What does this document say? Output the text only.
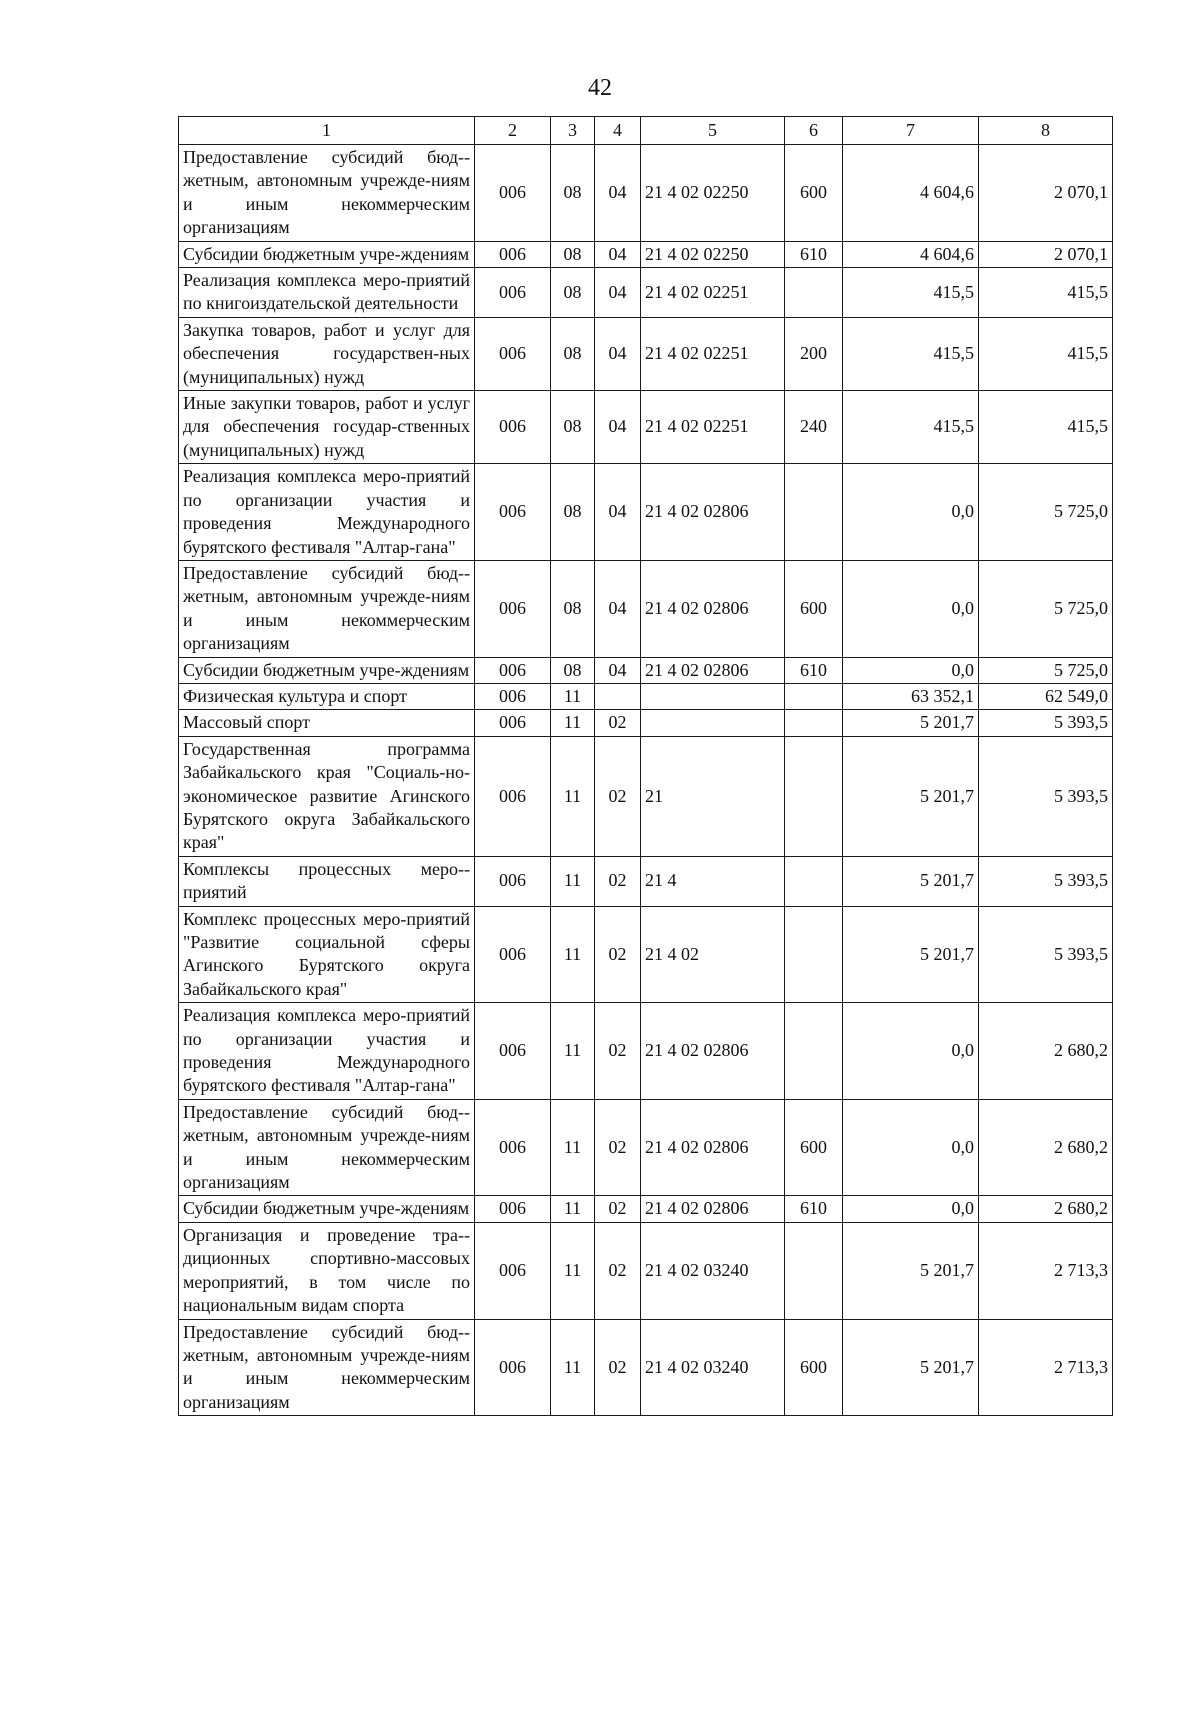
42
1	2	3	4	5	6	7	8
Предоставление субсидий бюд-жетным, автономным учрежде-ниям и иным некоммерческим организациям	006	08	04	21 4 02 02250	600	4 604,6	2 070,1
Субсидии бюджетным учре-ждениям	006	08	04	21 4 02 02250	610	4 604,6	2 070,1
Реализация комплекса меро-приятий по книгоиздательской деятельности	006	08	04	21 4 02 02251		415,5	415,5
Закупка товаров, работ и услуг для обеспечения государствен-ных (муниципальных) нужд	006	08	04	21 4 02 02251	200	415,5	415,5
Иные закупки товаров, работ и услуг для обеспечения государ-ственных (муниципальных) нужд	006	08	04	21 4 02 02251	240	415,5	415,5
Реализация комплекса меро-приятий по организации участия и проведения Международного бурятского фестиваля "Алтар-гана"	006	08	04	21 4 02 02806		0,0	5 725,0
Предоставление субсидий бюд-жетным, автономным учрежде-ниям и иным некоммерческим организациям	006	08	04	21 4 02 02806	600	0,0	5 725,0
Субсидии бюджетным учре-ждениям	006	08	04	21 4 02 02806	610	0,0	5 725,0
Физическая культура и спорт	006	11				63 352,1	62 549,0
Массовый спорт	006	11	02			5 201,7	5 393,5
Государственная программа Забайкальского края "Социаль-но-экономическое развитие Агинского Бурятского округа Забайкальского края"	006	11	02	21		5 201,7	5 393,5
Комплексы процессных меро-приятий	006	11	02	21 4		5 201,7	5 393,5
Комплекс процессных меро-приятий "Развитие социальной сферы Агинского Бурятского округа Забайкальского края"	006	11	02	21 4 02		5 201,7	5 393,5
Реализация комплекса меро-приятий по организации участия и проведения Международного бурятского фестиваля "Алтар-гана"	006	11	02	21 4 02 02806		0,0	2 680,2
Предоставление субсидий бюд-жетным, автономным учрежде-ниям и иным некоммерческим организациям	006	11	02	21 4 02 02806	600	0,0	2 680,2
Субсидии бюджетным учре-ждениям	006	11	02	21 4 02 02806	610	0,0	2 680,2
Организация и проведение тра-диционных спортивно-массовых мероприятий, в том числе по национальным видам спорта	006	11	02	21 4 02 03240		5 201,7	2 713,3
Предоставление субсидий бюд-жетным, автономным учрежде-ниям и иным некоммерческим организациям	006	11	02	21 4 02 03240	600	5 201,7	2 713,3
